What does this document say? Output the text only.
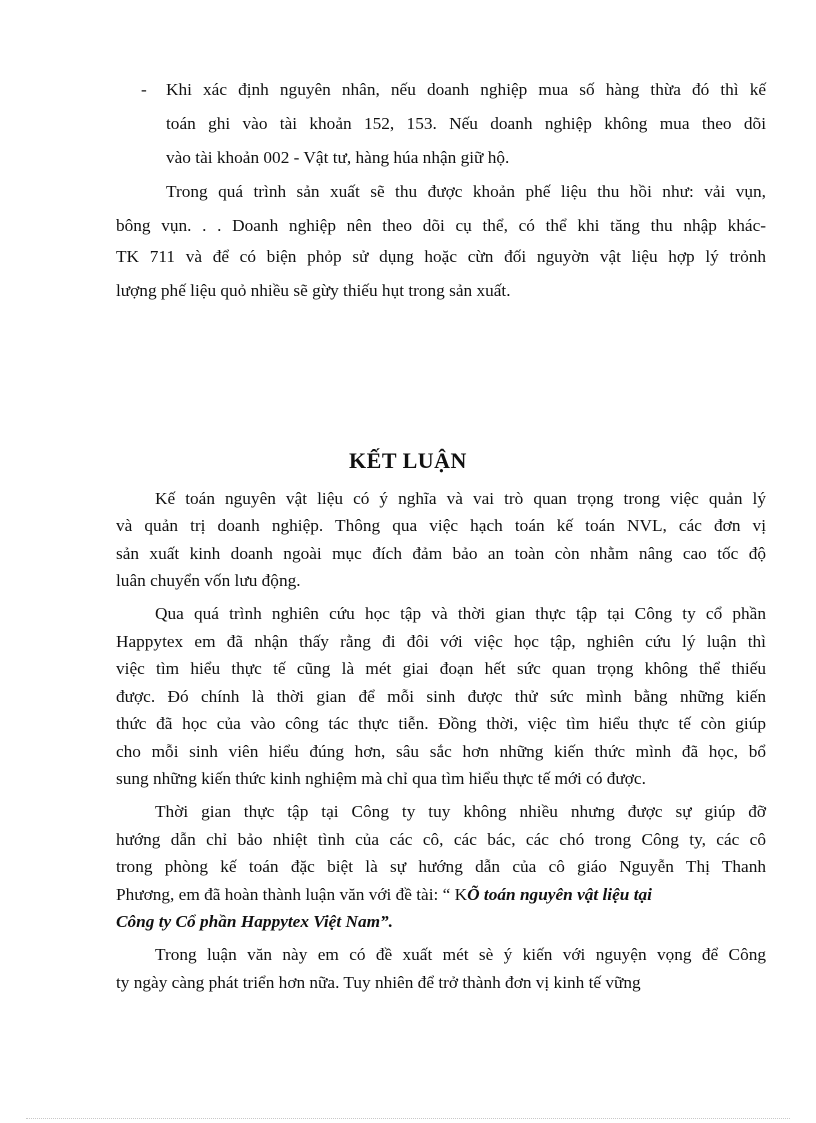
- Khi xác định nguyên nhân, nếu doanh nghiệp mua số hàng thừa đó thì kế
toán ghi vào tài khoản 152, 153. Nếu doanh nghiệp không mua theo dõi
vào tài khoản 002 - Vật tư, hàng húa nhận giữ hộ.
Trong quá trình sản xuất sẽ thu được khoản phế liệu thu hồi như: vải vụn,
bông vụn. . . Doanh nghiệp nên theo dõi cụ thể, có thể khi tăng thu nhập khác-
TK 711 và để có biện phỏp sử dụng hoặc cừn đối nguyờn vật liệu hợp lý trỏnh
lượng phế liệu quỏ nhiều sẽ gừy thiếu hụt trong sản xuất.
KẾT LUẬN
Kế toán nguyên vật liệu có ý nghĩa và vai trò quan trọng trong việc quản lý
và quản trị doanh nghiệp. Thông qua việc hạch toán kế toán NVL, các đơn vị
sản xuất kinh doanh ngoài mục đích đảm bảo an toàn còn nhằm nâng cao tốc độ
luân chuyển vốn lưu động.
Qua quá trình nghiên cứu học tập và thời gian thực tập tại Công ty cổ phần
Happytex em đã nhận thấy rằng đi đôi với việc học tập, nghiên cứu lý luận thì
việc tìm hiểu thực tế cũng là mét giai đoạn hết sức quan trọng không thể thiếu
được. Đó chính là thời gian để mỗi sinh được thử sức mình bằng những kiến
thức đã học của vào công tác thực tiễn. Đồng thời, việc tìm hiểu thực tế còn giúp
cho mỗi sinh viên hiểu đúng hơn, sâu sắc hơn những kiến thức mình đã học, bổ
sung những kiến thức kinh nghiệm mà chỉ qua tìm hiểu thực tế mới có được.
Thời gian thực tập tại Công ty tuy không nhiều nhưng được sự giúp đỡ
hướng dẫn chỉ bảo nhiệt tình của các cô, các bác, các chó trong Công ty, các cô
trong phòng kế toán đặc biệt là sự hướng dẫn của cô giáo Nguyễn Thị Thanh
Phương, em đã hoàn thành luận văn với đề tài: “ KÕ toán nguyên vật liệu tại
Công ty Cổ phần Happytex Việt Nam”.
Trong luận văn này em có đề xuất mét sè ý kiến với nguyện vọng để Công
ty ngày càng phát triển hơn nữa. Tuy nhiên để trở thành đơn vị kinh tế vững
